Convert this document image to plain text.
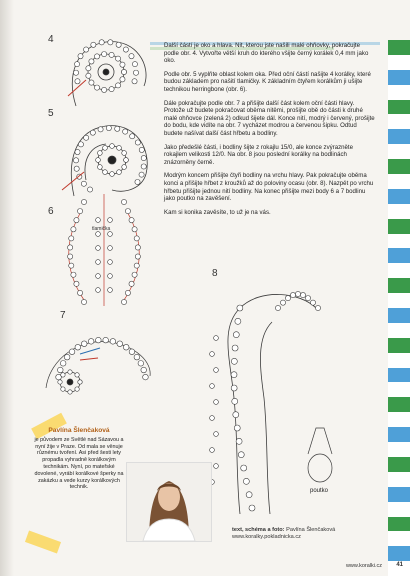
4
5
6
7
8
tlamička
poutko

Další částí je oko a hlava. Nit, kterou jste našili malé ohňovky, pokračujte podle obr. 4. Vytvořte větší kruh do kterého všijte černý korálek 0,4 mm jako oko.

Podle obr. 5 vyplňte oblast kolem oka. Před oční částí našijte 4 korálky, které budou základem pro našití tlamičky. K základním čtyřem korálkům ji ušijte technikou herringbone (obr. 6).

Dále pokračujte podle obr. 7 a přišijte další část kolem oční části hlavy. Protože už budete pokračovat oběma nitěmi, prošijte obě do části k druhé malé ohňovce (zelená 2) odkud šijete dál. Konce nití, modrý i červený, prošijte do bodu, kde vidíte na obr. 7 vycházet modrou a červenou šipku. Odtud budete našívat další část hřbetu a bodliny.

Jako předešlé části, i bodliny šijte z rokajlu 15/0, ale konce zvýrazněte rokajlem velikosti 12/0. Na obr. 8 jsou poslední korálky na bodlinách znázorněny černě.

Modrým koncem přišijte čtyři bodliny na vrchu hlavy. Pak pokračujte oběma konci a přišijte hřbet z kroužků až do poloviny ocasu (obr. 8). Nazpět po vrchu hřbetu přišijte jednou nití bodliny. Na konec přišijte mezi body 6 a 7 bodlinu jako poutko na zavěšení.

Kam si konika zavěsíte, to už je na vás.

Pavlína Šlenčaková
je původem ze Světlé nad Sázavou a nyní žije v Praze. Od mala se věnuje různému tvoření. Asi před šesti lety propadla vyhradně korálkovým technikám. Nyní, po mateřské dovolené, vyrábí korálkové šperky na zakázku a vede kurzy korálkových technik.
text, schéma a foto: Pavlína Šlenčaková
www.koralky.pokladnicka.cz
www.koralki.cz 41
